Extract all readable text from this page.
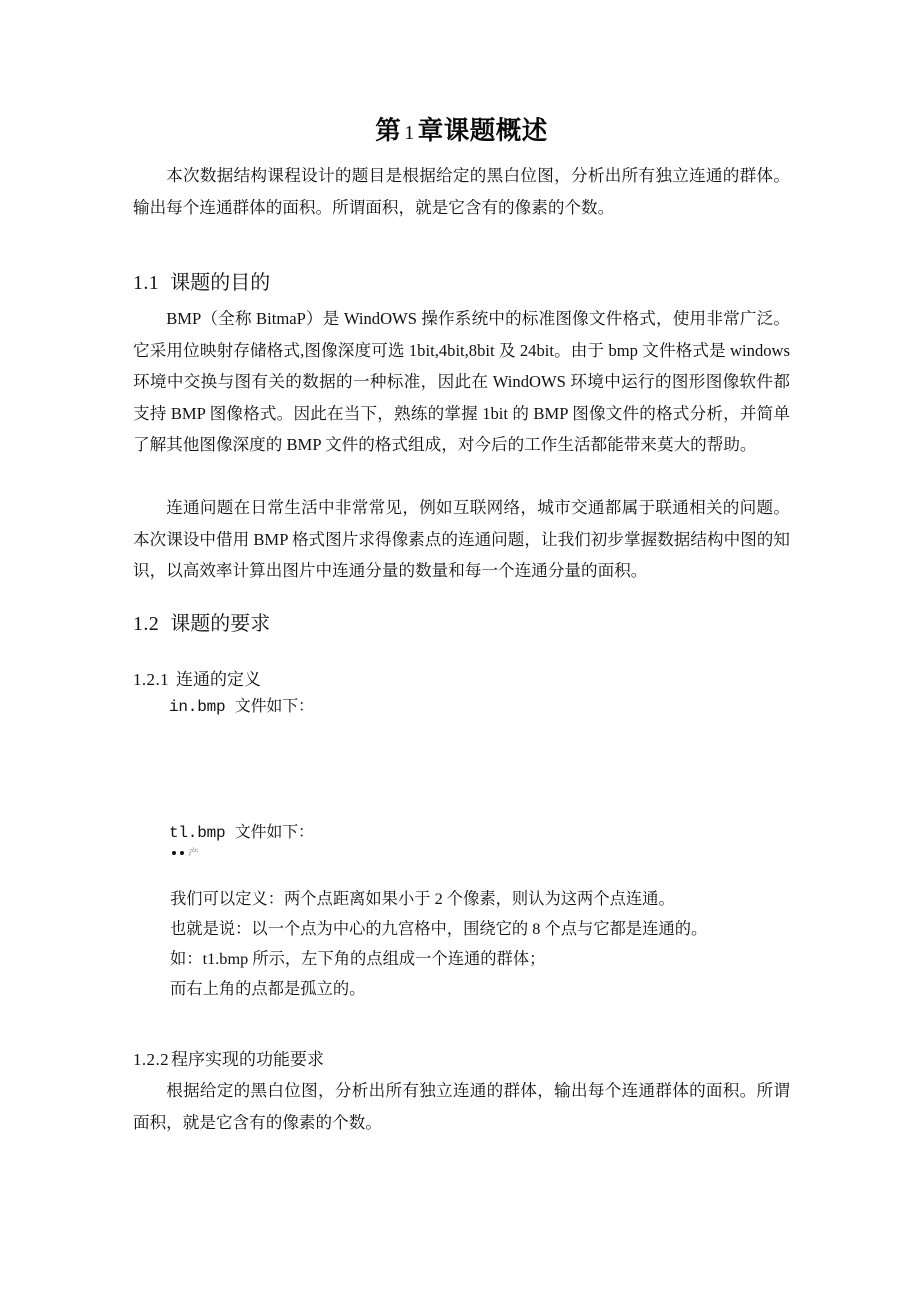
第 1 章课题概述

本次数据结构课程设计的题目是根据给定的黑白位图，分析出所有独立连通的群体。输出每个连通群体的面积。所谓面积，就是它含有的像素的个数。

1.1 课题的目的

BMP（全称 BitmaP）是 WindOWS 操作系统中的标准图像文件格式，使用非常广泛。它采用位映射存储格式,图像深度可选 1bit,4bit,8bit 及 24bit。由于 bmp 文件格式是 windows 环境中交换与图有关的数据的一种标准，因此在 WindOWS 环境中运行的图形图像软件都支持 BMP 图像格式。因此在当下，熟练的掌握 1bit 的 BMP 图像文件的格式分析，并简单了解其他图像深度的 BMP 文件的格式组成，对今后的工作生活都能带来莫大的帮助。

连通问题在日常生活中非常常见，例如互联网络，城市交通都属于联通相关的问题。本次课设中借用 BMP 格式图片求得像素点的连通问题，让我们初步掌握数据结构中图的知识，以高效率计算出图片中连通分量的数量和每一个连通分量的面积。

1.2 课题的要求
1.2.1 连通的定义

in.bmp 文件如下：

tl.bmp 文件如下：

产

我们可以定义：两个点距离如果小于 2 个像素，则认为这两个点连通。

也就是说：以一个点为中心的九宫格中，围绕它的 8 个点与它都是连通的。

如：t1.bmp 所示，左下角的点组成一个连通的群体；

而右上角的点都是孤立的。

1.2.2 程序实现的功能要求

根据给定的黑白位图，分析出所有独立连通的群体，输出每个连通群体的面积。所谓面积，就是它含有的像素的个数。
